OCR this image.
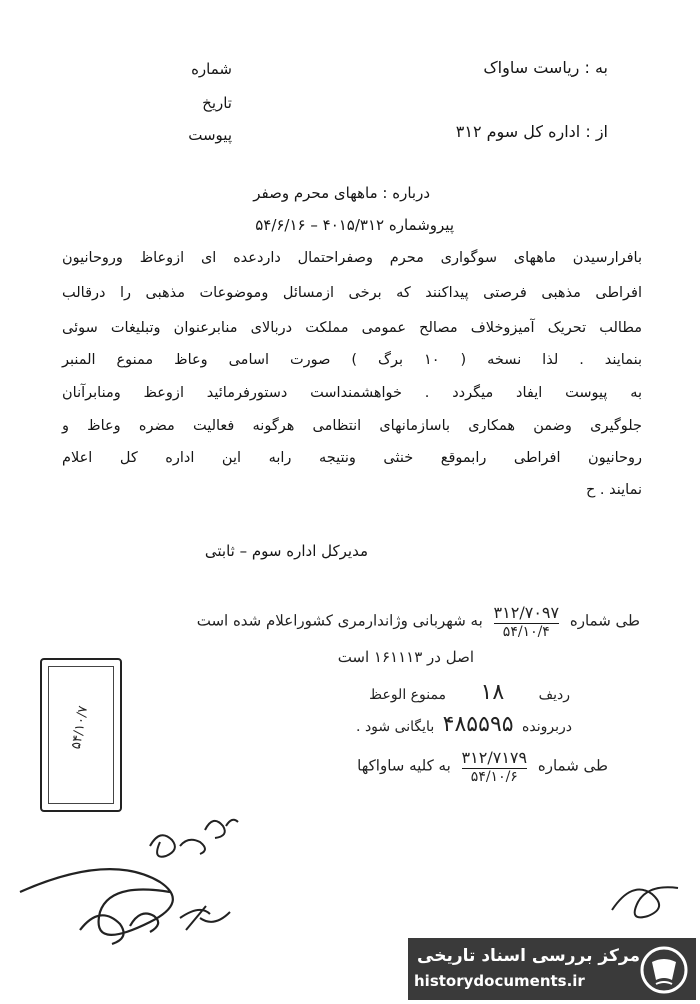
به : ریاست ساواک
از : اداره کل سوم ۳۱۲
شماره
تاریخ
پیوست
درباره : ماههای محرم وصفر
پیروشماره ۴۰۱۵/۳۱۲ – ۵۴/۶/۱۶
بافرارسیدن ماههای سوگواری محرم وصفراحتمال داردعده ای ازوعاظ وروحانیون
افراطی مذهبی فرصتی پیداکنند که برخی ازمسائل وموضوعات مذهبی را درقالب
مطالب تحریک آمیزوخلاف مصالح عمومی مملکت دربالای منابرعنوان وتبلیغات سوئی
بنمایند . لذا نسخه ( ۱۰ برگ ) صورت اسامی وعاظ ممنوع المنبر
به پیوست ایفاد میگردد . خواهشمنداست دستورفرمائید ازوعظ ومنابرآنان
جلوگیری وضمن همکاری باسازمانهای انتظامی هرگونه فعالیت مضره وعاظ و
روحانیون افراطی رابموقع خنثی ونتیجه رابه این اداره کل اعلام
نمایند . ح
مدیرکل اداره سوم – ثابتی
طی شماره
۳۱۲/۷۰۹۷
۵۴/۱۰/۴
به شهربانی وژاندارمری کشوراعلام شده است
اصل در ۱۶۱۱۱۳ است
ردیف ۱۸ ممنوع الوعظ
دربرونده ۴۸۵۵۹۵ بایگانی شود .
طی شماره
۳۱۲/۷۱۷۹
۵۴/۱۰/۶
به کلیه ساواکها
۵۴/۱۰/۷
مرکز بررسی اسناد تاریخی
historydocuments.ir
